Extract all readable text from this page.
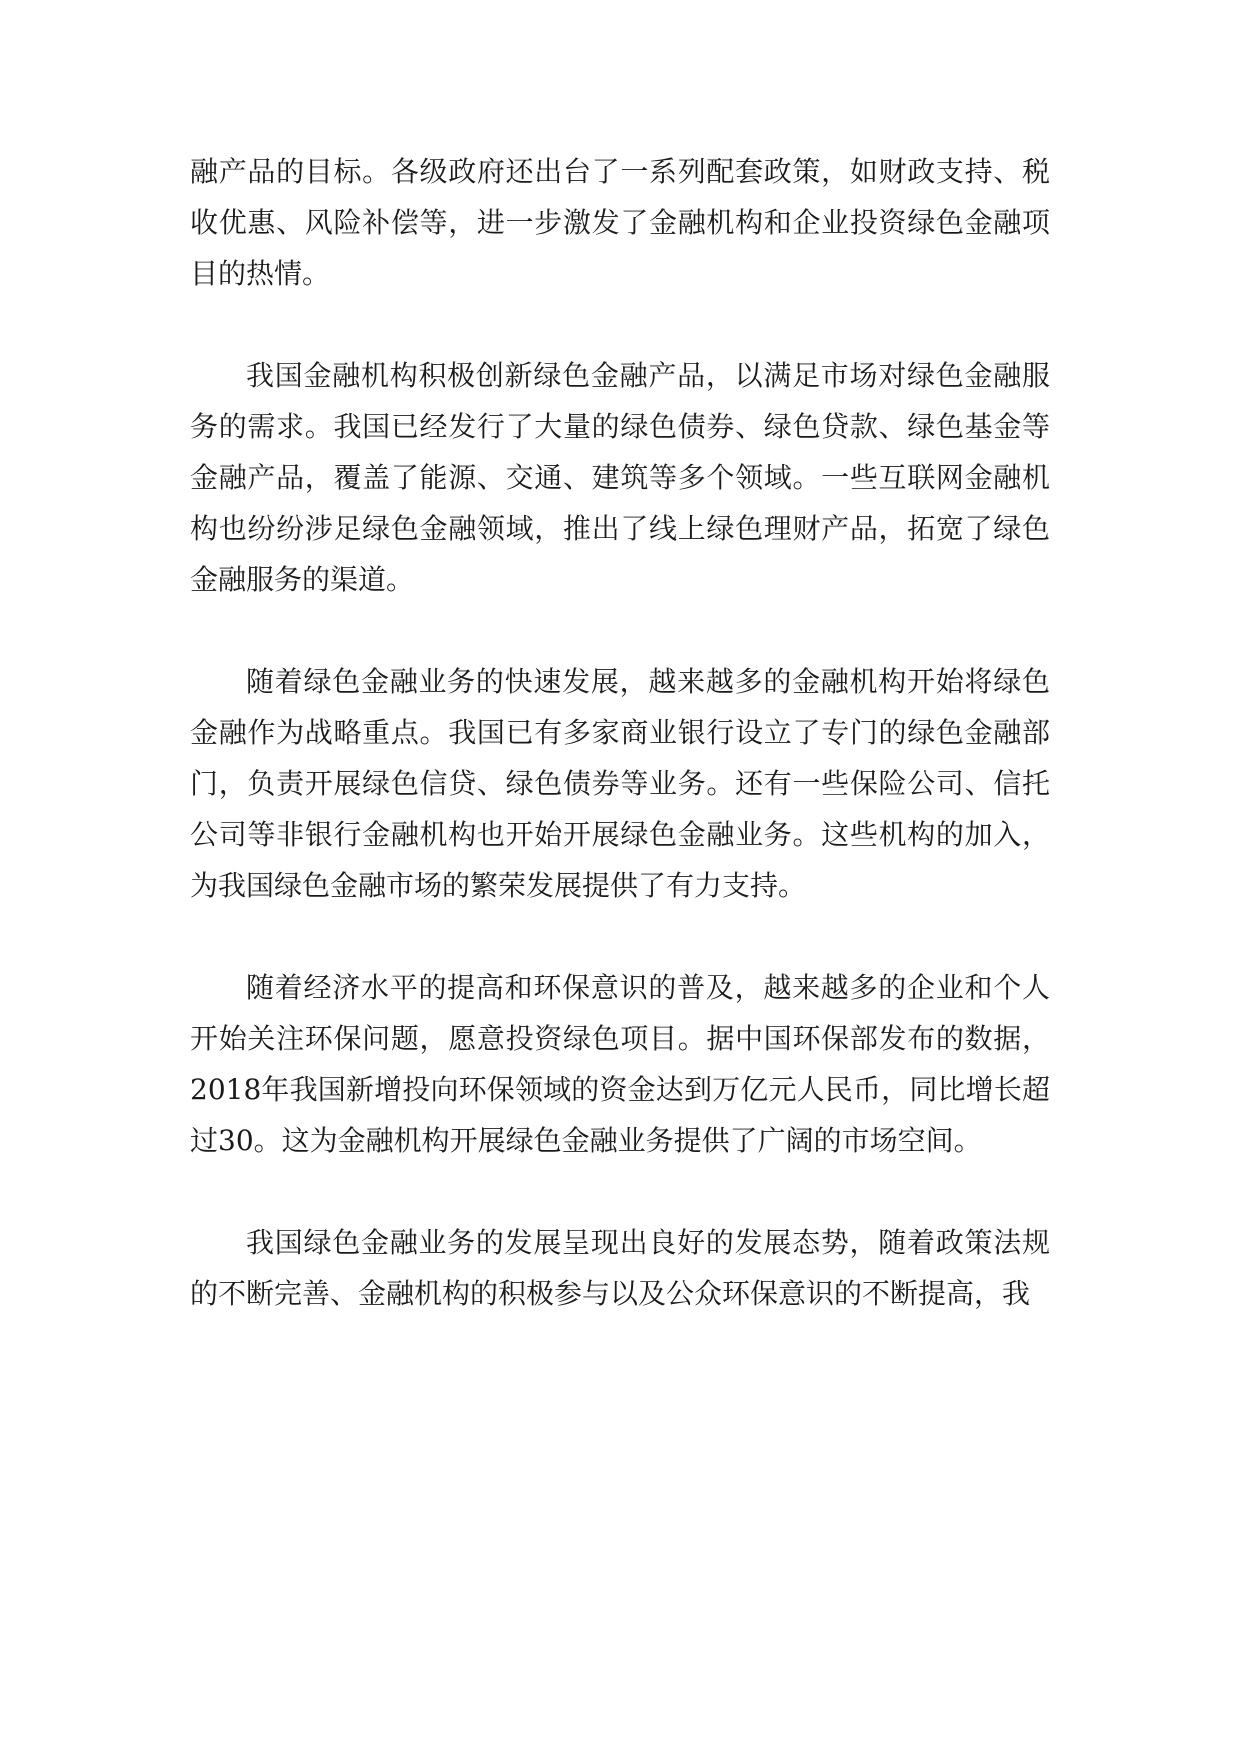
融产品的目标。各级政府还出台了一系列配套政策，如财政支持、税收优惠、风险补偿等，进一步激发了金融机构和企业投资绿色金融项目的热情。

我国金融机构积极创新绿色金融产品，以满足市场对绿色金融服务的需求。我国已经发行了大量的绿色债券、绿色贷款、绿色基金等金融产品，覆盖了能源、交通、建筑等多个领域。一些互联网金融机构也纷纷涉足绿色金融领域，推出了线上绿色理财产品，拓宽了绿色金融服务的渠道。

随着绿色金融业务的快速发展，越来越多的金融机构开始将绿色金融作为战略重点。我国已有多家商业银行设立了专门的绿色金融部门，负责开展绿色信贷、绿色债券等业务。还有一些保险公司、信托公司等非银行金融机构也开始开展绿色金融业务。这些机构的加入，为我国绿色金融市场的繁荣发展提供了有力支持。

随着经济水平的提高和环保意识的普及，越来越多的企业和个人开始关注环保问题，愿意投资绿色项目。据中国环保部发布的数据，2018年我国新增投向环保领域的资金达到万亿元人民币，同比增长超过30。这为金融机构开展绿色金融业务提供了广阔的市场空间。

我国绿色金融业务的发展呈现出良好的发展态势，随着政策法规的不断完善、金融机构的积极参与以及公众环保意识的不断提高，我
